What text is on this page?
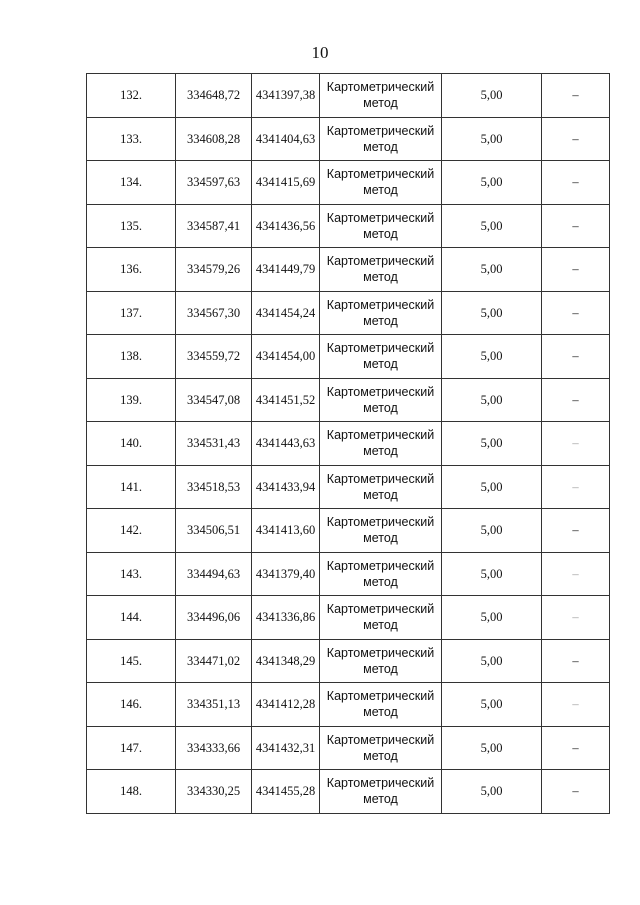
10
132.	334648,72	4341397,38	Картометрический метод	5,00	–
133.	334608,28	4341404,63	Картометрический метод	5,00	–
134.	334597,63	4341415,69	Картометрический метод	5,00	–
135.	334587,41	4341436,56	Картометрический метод	5,00	–
136.	334579,26	4341449,79	Картометрический метод	5,00	–
137.	334567,30	4341454,24	Картометрический метод	5,00	–
138.	334559,72	4341454,00	Картометрический метод	5,00	–
139.	334547,08	4341451,52	Картометрический метод	5,00	–
140.	334531,43	4341443,63	Картометрический метод	5,00	–
141.	334518,53	4341433,94	Картометрический метод	5,00	–
142.	334506,51	4341413,60	Картометрический метод	5,00	–
143.	334494,63	4341379,40	Картометрический метод	5,00	–
144.	334496,06	4341336,86	Картометрический метод	5,00	–
145.	334471,02	4341348,29	Картометрический метод	5,00	–
146.	334351,13	4341412,28	Картометрический метод	5,00	–
147.	334333,66	4341432,31	Картометрический метод	5,00	–
148.	334330,25	4341455,28	Картометрический метод	5,00	–
